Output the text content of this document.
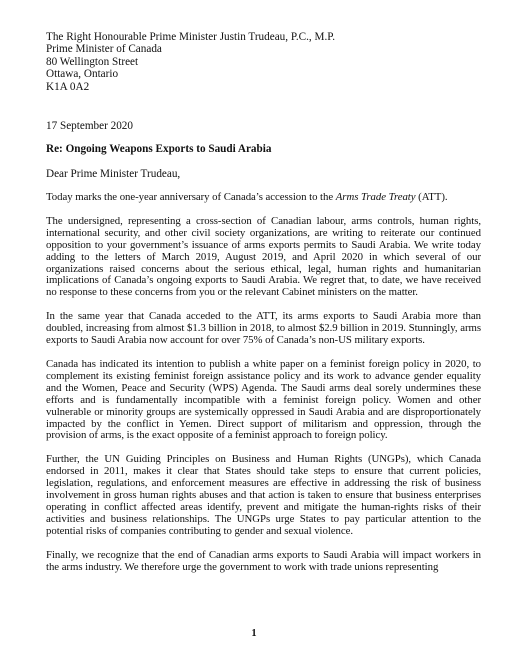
The Right Honourable Prime Minister Justin Trudeau, P.C., M.P.
Prime Minister of Canada
80 Wellington Street
Ottawa, Ontario
K1A 0A2
17 September 2020
Re: Ongoing Weapons Exports to Saudi Arabia
Dear Prime Minister Trudeau,

Today marks the one-year anniversary of Canada’s accession to the Arms Trade Treaty (ATT).

The undersigned, representing a cross-section of Canadian labour, arms controls, human rights, international security, and other civil society organizations, are writing to reiterate our continued opposition to your government’s issuance of arms exports permits to Saudi Arabia. We write today adding to the letters of March 2019, August 2019, and April 2020 in which several of our organizations raised concerns about the serious ethical, legal, human rights and humanitarian implications of Canada’s ongoing exports to Saudi Arabia. We regret that, to date, we have received no response to these concerns from you or the relevant Cabinet ministers on the matter.

In the same year that Canada acceded to the ATT, its arms exports to Saudi Arabia more than doubled, increasing from almost $1.3 billion in 2018, to almost $2.9 billion in 2019. Stunningly, arms exports to Saudi Arabia now account for over 75% of Canada’s non-US military exports.

Canada has indicated its intention to publish a white paper on a feminist foreign policy in 2020, to complement its existing feminist foreign assistance policy and its work to advance gender equality and the Women, Peace and Security (WPS) Agenda. The Saudi arms deal sorely undermines these efforts and is fundamentally incompatible with a feminist foreign policy. Women and other vulnerable or minority groups are systemically oppressed in Saudi Arabia and are disproportionately impacted by the conflict in Yemen. Direct support of militarism and oppression, through the provision of arms, is the exact opposite of a feminist approach to foreign policy.

Further, the UN Guiding Principles on Business and Human Rights (UNGPs), which Canada endorsed in 2011, makes it clear that States should take steps to ensure that current policies, legislation, regulations, and enforcement measures are effective in addressing the risk of business involvement in gross human rights abuses and that action is taken to ensure that business enterprises operating in conflict affected areas identify, prevent and mitigate the human-rights risks of their activities and business relationships. The UNGPs urge States to pay particular attention to the potential risks of companies contributing to gender and sexual violence.

Finally, we recognize that the end of Canadian arms exports to Saudi Arabia will impact workers in the arms industry. We therefore urge the government to work with trade unions representing

1
